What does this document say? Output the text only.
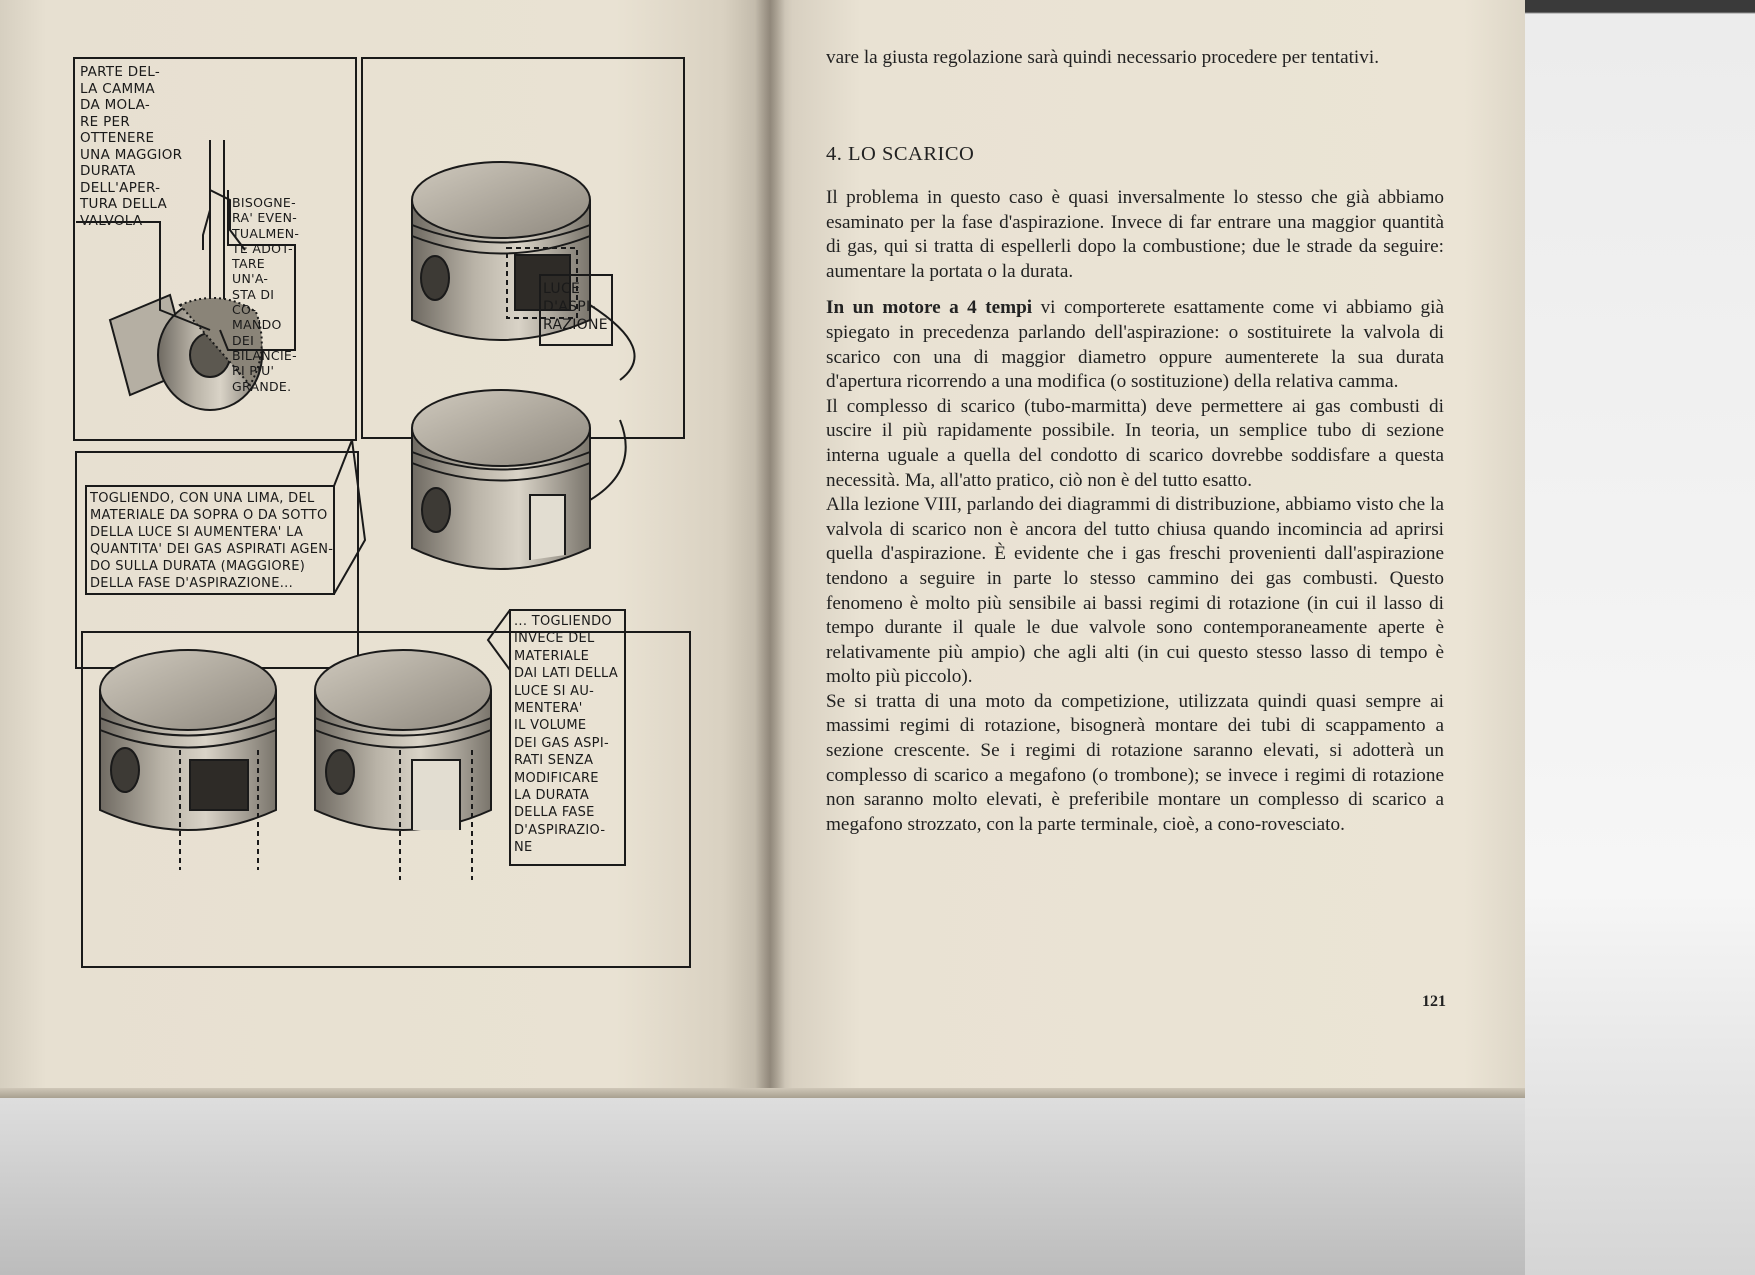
PARTE DEL-
LA CAMMA
DA MOLA-
RE PER
OTTENERE
UNA MAGGIOR
DURATA
DELL'APER-
TURA DELLA
VALVOLA
BISOGNE-
RA' EVEN-
TUALMEN-
TE ADOT-
TARE UN'A-
STA DI CO-
MANDO DEI
BILANCIE-
RI PIU'
GRANDE.
LUCE
D'ASPI-
RAZIONE
TOGLIENDO, CON UNA LIMA, DEL
MATERIALE DA SOPRA O DA SOTTO
DELLA LUCE SI AUMENTERA' LA
QUANTITA' DEI GAS ASPIRATI AGEN-
DO SULLA DURATA (MAGGIORE)
DELLA FASE D'ASPIRAZIONE...
... TOGLIENDO
INVECE DEL
MATERIALE
DAI LATI DELLA
LUCE SI AU-
MENTERA'
IL VOLUME
DEI GAS ASPI-
RATI SENZA
MODIFICARE
LA DURATA
DELLA FASE
D'ASPIRAZIO-
NE

vare la giusta regolazione sarà quindi necessario procedere per tentativi.

4. LO SCARICO

Il problema in questo caso è quasi inversalmente lo stesso che già abbiamo esaminato per la fase d'aspirazione. Invece di far entrare una maggior quantità di gas, qui si tratta di espellerli dopo la combustione; due le strade da seguire: aumentare la portata o la durata.

In un motore a 4 tempi vi comporterete esattamente come vi abbiamo già spiegato in precedenza parlando dell'aspirazione: o sostituirete la valvola di scarico con una di maggior diametro oppure aumenterete la sua durata d'apertura ricorrendo a una modifica (o sostituzione) della relativa camma.

Il complesso di scarico (tubo-marmitta) deve permettere ai gas combusti di uscire il più rapidamente possibile. In teoria, un semplice tubo di sezione interna uguale a quella del condotto di scarico dovrebbe soddisfare a questa necessità. Ma, all'atto pratico, ciò non è del tutto esatto.

Alla lezione VIII, parlando dei diagrammi di distribuzione, abbiamo visto che la valvola di scarico non è ancora del tutto chiusa quando incomincia ad aprirsi quella d'aspirazione. È evidente che i gas freschi provenienti dall'aspirazione tendono a seguire in parte lo stesso cammino dei gas combusti. Questo fenomeno è molto più sensibile ai bassi regimi di rotazione (in cui il lasso di tempo durante il quale le due valvole sono contemporaneamente aperte è relativamente più ampio) che agli alti (in cui questo stesso lasso di tempo è molto più piccolo).

Se si tratta di una moto da competizione, utilizzata quindi quasi sempre ai massimi regimi di rotazione, bisognerà montare dei tubi di scappamento a sezione crescente. Se i regimi di rotazione saranno elevati, si adotterà un complesso di scarico a megafono (o trombone); se invece i regimi di rotazione non saranno molto elevati, è preferibile montare un complesso di scarico a megafono strozzato, con la parte terminale, cioè, a cono-rovesciato.

121
